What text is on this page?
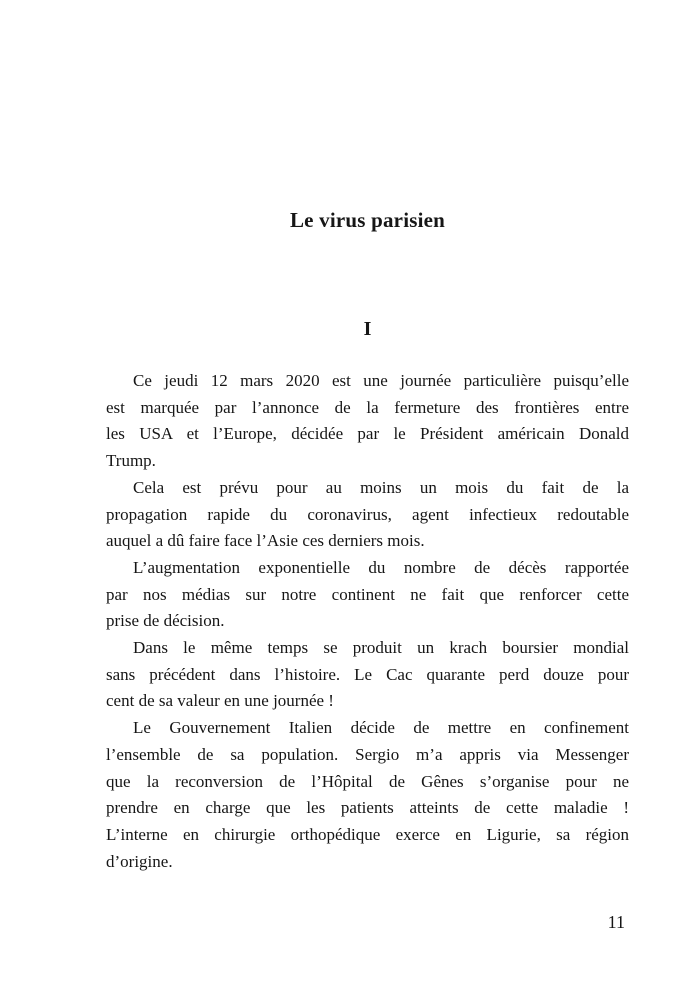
Le virus parisien
I

Ce jeudi 12 mars 2020 est une journée particulière puisqu’elle
est marquée par l’annonce de la fermeture des frontières entre
les USA et l’Europe, décidée par le Président américain Donald
Trump.

Cela est prévu pour au moins un mois du fait de la
propagation rapide du coronavirus, agent infectieux redoutable
auquel a dû faire face l’Asie ces derniers mois.

L’augmentation exponentielle du nombre de décès rapportée
par nos médias sur notre continent ne fait que renforcer cette
prise de décision.

Dans le même temps se produit un krach boursier mondial
sans précédent dans l’histoire. Le Cac quarante perd douze pour
cent de sa valeur en une journée !

Le Gouvernement Italien décide de mettre en confinement
l’ensemble de sa population. Sergio m’a appris via Messenger
que la reconversion de l’Hôpital de Gênes s’organise pour ne
prendre en charge que les patients atteints de cette maladie !
L’interne en chirurgie orthopédique exerce en Ligurie, sa région
d’origine.

11
